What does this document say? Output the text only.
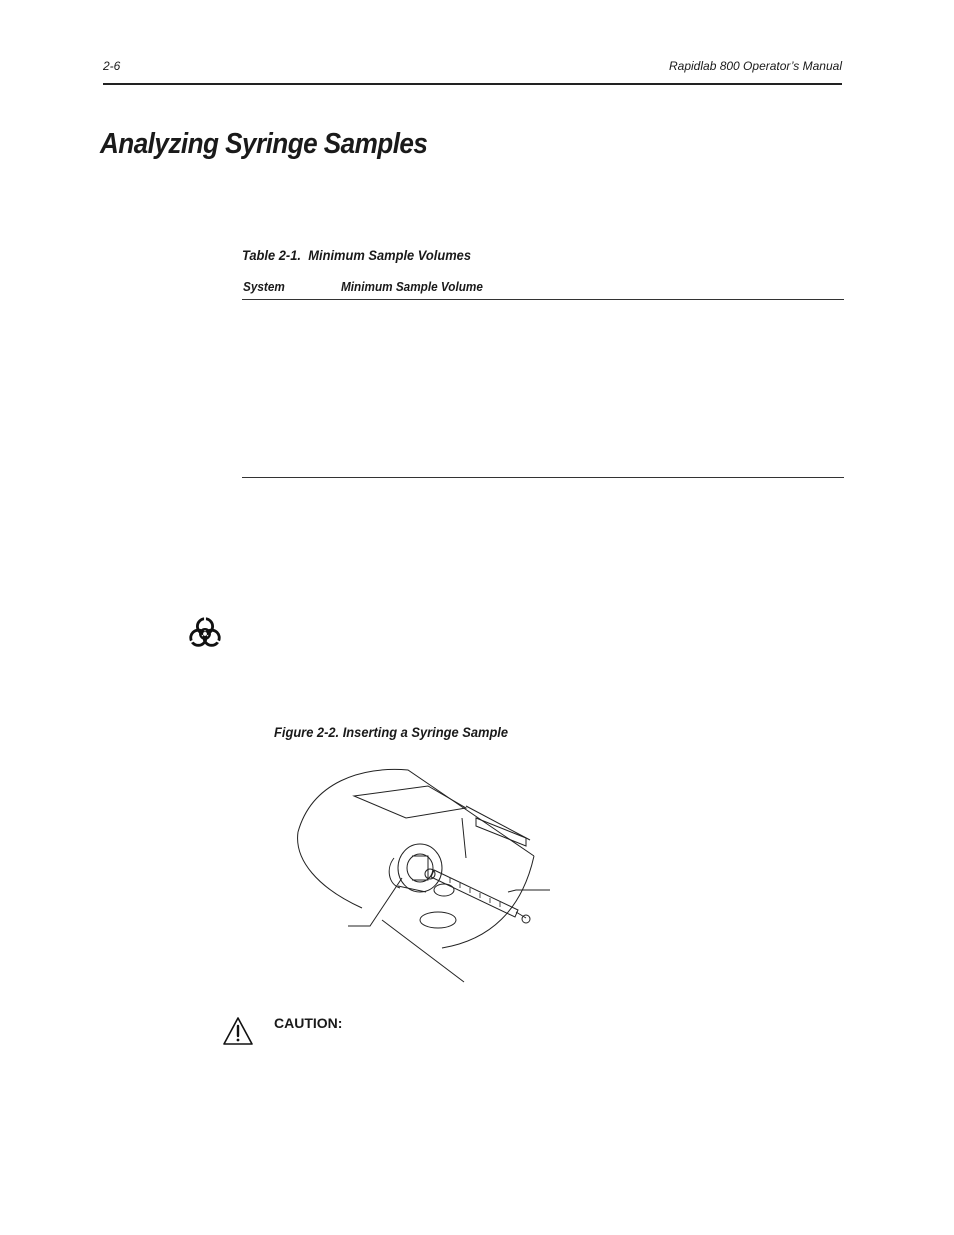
2-6	Rapidlab 800 Operator’s Manual
Analyzing Syringe Samples
Table 2-1. Minimum Sample Volumes
System	Minimum Sample Volume
Figure 2-2. Inserting a Syringe Sample
CAUTION:
